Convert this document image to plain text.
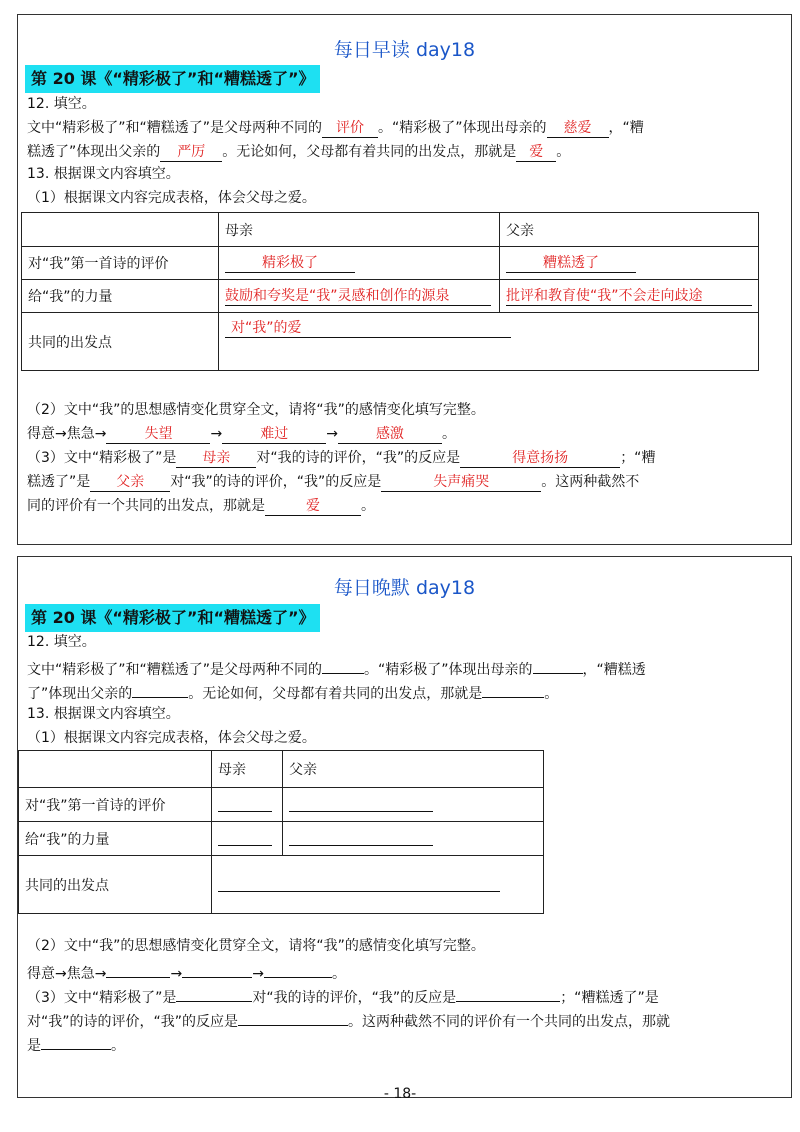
每日早读 day18
第 20 课《“精彩极了”和“糟糕透了”》
12. 填空。
文中“精彩极了”和“糟糕透了”是父母两种不同的 评价 。“精彩极了”体现出母亲的 慈爱 ，“糟
糕透了”体现出父亲的 严厉 。无论如何，父母都有着共同的出发点，那就是 爱 。
13. 根据课文内容填空。
（1）根据课文内容完成表格，体会父母之爱。
	母亲	父亲
对“我”第一首诗的评价	精彩极了	糟糕透了
给“我”的力量	鼓励和夸奖是“我”灵感和创作的源泉	批评和教育使“我”不会走向歧途
共同的出发点	对“我”的爱	
（2）文中“我”的思想感情变化贯穿全文，请将“我”的感情变化填写完整。
得意→焦急→	失望	→	难过	→	感激	。
（3）文中“精彩极了”是 母亲 对“我的诗的评价，“我”的反应是	得意扬扬	；“糟
糕透了”是 父亲 对“我”的诗的评价，“我”的反应是	失声痛哭	。这两种截然不
同的评价有一个共同的出发点，那就是	爱	。
每日晚默 day18
第 20 课《“精彩极了”和“糟糕透了”》
12. 填空。
文中“精彩极了”和“糟糕透了”是父母两种不同的	。“精彩极了”体现出母亲的	，“糟糕透
了”体现出父亲的	。无论如何，父母都有着共同的出发点，那就是	。
13. 根据课文内容填空。
（1）根据课文内容完成表格，体会父母之爱。
	母亲	父亲
对“我”第一首诗的评价		
给“我”的力量		
共同的出发点		
（2）文中“我”的思想感情变化贯穿全文，请将“我”的感情变化填写完整。
得意→焦急→	→	→	。
（3）文中“精彩极了”是	对“我的诗的评价，“我”的反应是	；“糟糕透了”是
对“我”的诗的评价，“我”的反应是	。这两种截然不同的评价有一个共同的出发点，那就
是	。
- 18-
